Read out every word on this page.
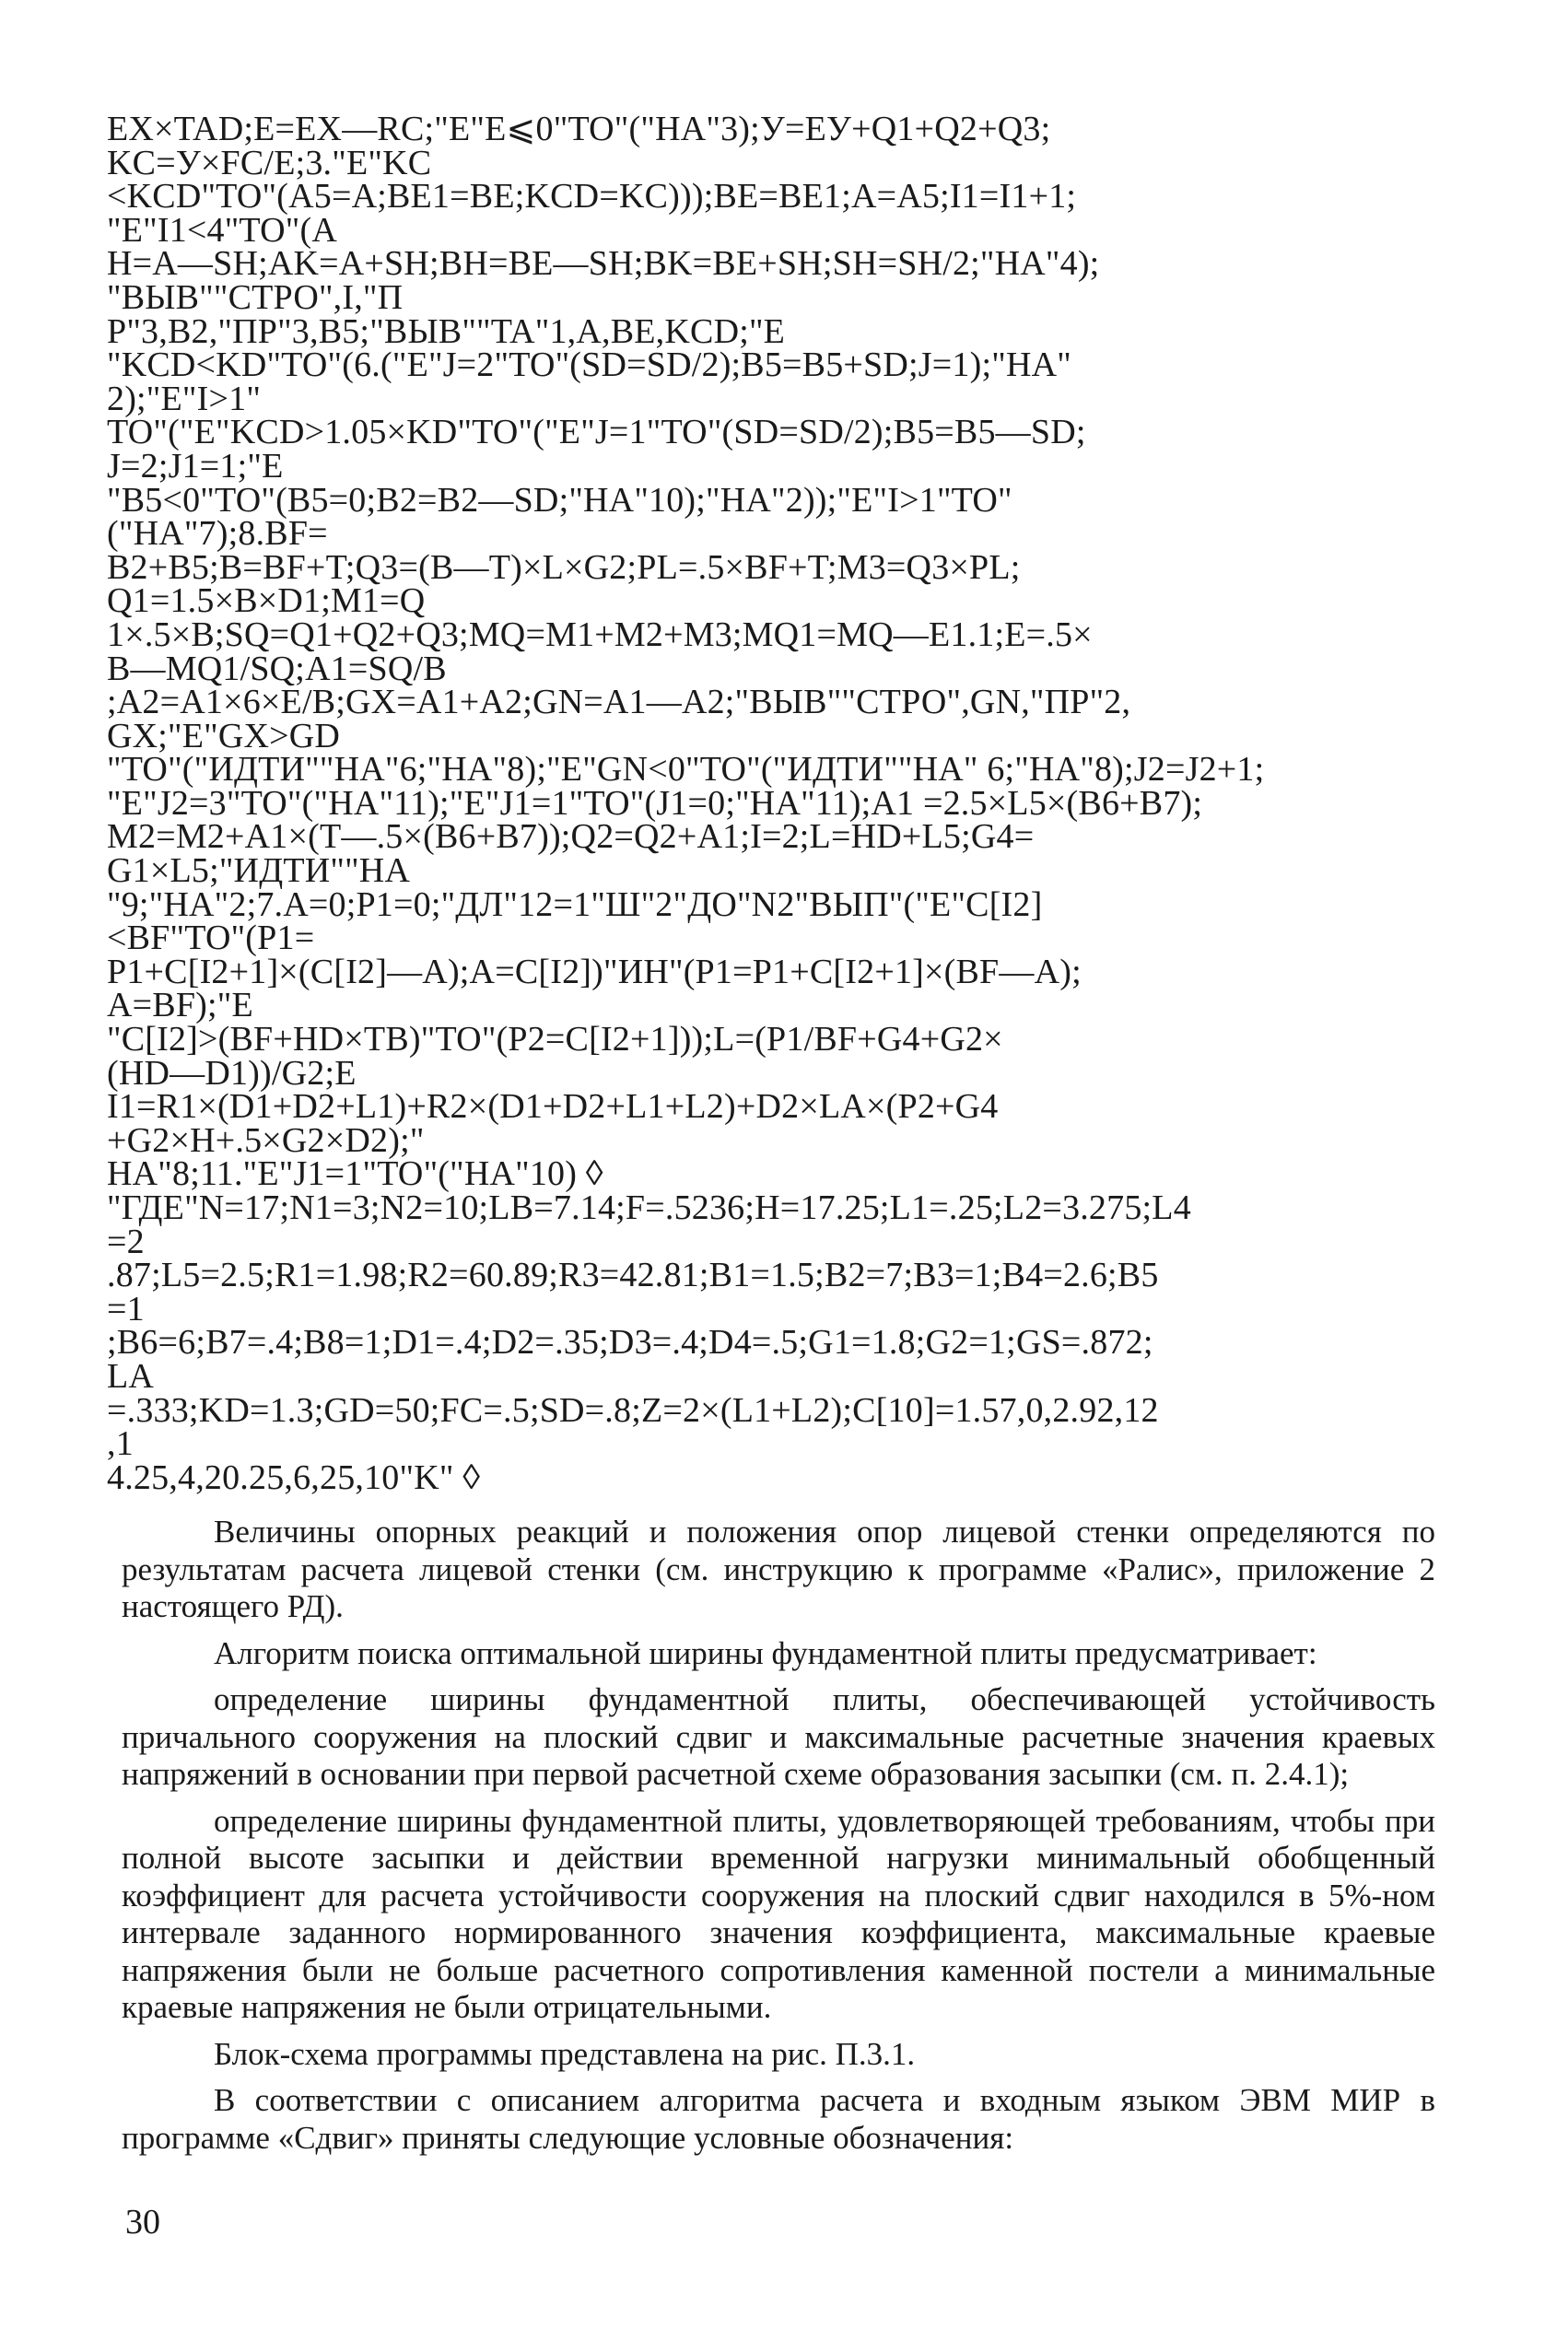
EX×TAD;E=EX—RC;"E"E⩽0"TO"("HA"3);У=EУ+Q1+Q2+Q3;
KC=У×FC/E;3."E"KC
<KCD"TO"(A5=A;BE1=BE;KCD=KC)));BE=BE1;A=A5;I1=I1+1;
"E"I1<4"TO"(A
H=A—SH;AK=A+SH;BH=BE—SH;BK=BE+SH;SH=SH/2;"HA"4);
"ВЫВ""СТРО",I,"П
Р"3,B2,"ПР"3,B5;"ВЫВ""TA"1,A,BE,KCD;"E
"KCD<KD"TO"(6.("E"J=2"TO"(SD=SD/2);B5=B5+SD;J=1);"HA"
2);"E"I>1"
TO"("E"KCD>1.05×KD"TO"("E"J=1"TO"(SD=SD/2);B5=B5—SD;
J=2;J1=1;"E
"B5<0"TO"(B5=0;B2=B2—SD;"HA"10);"HA"2));"E"I>1"TO"
("HA"7);8.BF=
B2+B5;B=BF+T;Q3=(B—T)×L×G2;PL=.5×BF+T;M3=Q3×PL;
Q1=1.5×B×D1;M1=Q
1×.5×B;SQ=Q1+Q2+Q3;MQ=M1+M2+M3;MQ1=MQ—E1.1;E=.5×
B—MQ1/SQ;A1=SQ/B
;A2=A1×6×E/B;GX=A1+A2;GN=A1—A2;"ВЫВ""СТРО",GN,"ПР"2,
GX;"E"GX>GD
"TO"("ИДТИ""HA"6;"HA"8);"E"GN<0"TO"("ИДТИ""HA" 6;"HA"8);J2=J2+1;
"E"J2=3"TO"("HA"11);"E"J1=1"TO"(J1=0;"HA"11);A1 =2.5×L5×(B6+B7);
M2=M2+A1×(T—.5×(B6+B7));Q2=Q2+A1;I=2;L=HD+L5;G4=
G1×L5;"ИДТИ""HA
"9;"HA"2;7.A=0;P1=0;"ДЛ"12=1"Ш"2"ДО"N2"ВЫП"("E"C[I2]
<BF"TO"(P1=
P1+C[I2+1]×(C[I2]—A);A=C[I2])"ИН"(P1=P1+C[I2+1]×(BF—A);
A=BF);"E
"C[I2]>(BF+HD×TB)"TO"(P2=C[I2+1]));L=(P1/BF+G4+G2×
(HD—D1))/G2;E
I1=R1×(D1+D2+L1)+R2×(D1+D2+L1+L2)+D2×LA×(P2+G4
+G2×H+.5×G2×D2);"
HA"8;11."E"J1=1"TO"("HA"10) ◊
"ГДЕ"N=17;N1=3;N2=10;LB=7.14;F=.5236;H=17.25;L1=.25;L2=3.275;L4
=2
.87;L5=2.5;R1=1.98;R2=60.89;R3=42.81;B1=1.5;B2=7;B3=1;B4=2.6;B5
=1
;B6=6;B7=.4;B8=1;D1=.4;D2=.35;D3=.4;D4=.5;G1=1.8;G2=1;GS=.872;
LA
=.333;KD=1.3;GD=50;FC=.5;SD=.8;Z=2×(L1+L2);C[10]=1.57,0,2.92,12
,1
4.25,4,20.25,6,25,10"K" ◊

Величины опорных реакций и положения опор лицевой стенки определяются по результатам расчета лицевой стенки (см. инструкцию к программе «Ралис», приложение 2 настоящего РД).

Алгоритм поиска оптимальной ширины фундаментной плиты предусматривает:

определение ширины фундаментной плиты, обеспечивающей устойчивость причального сооружения на плоский сдвиг и максимальные расчетные значения краевых напряжений в основании при первой расчетной схеме образования засыпки (см. п. 2.4.1);

определение ширины фундаментной плиты, удовлетворяющей требованиям, чтобы при полной высоте засыпки и действии временной нагрузки минимальный обобщенный коэффициент для расчета устойчивости сооружения на плоский сдвиг находился в 5%-ном интервале заданного нормированного значения коэффициента, максимальные краевые напряжения были не больше расчетного сопротивления каменной постели а минимальные краевые напряжения не были отрицательными.

Блок-схема программы представлена на рис. П.3.1.

В соответствии с описанием алгоритма расчета и входным языком ЭВМ МИР в программе «Сдвиг» приняты следующие условные обозначения:

30
